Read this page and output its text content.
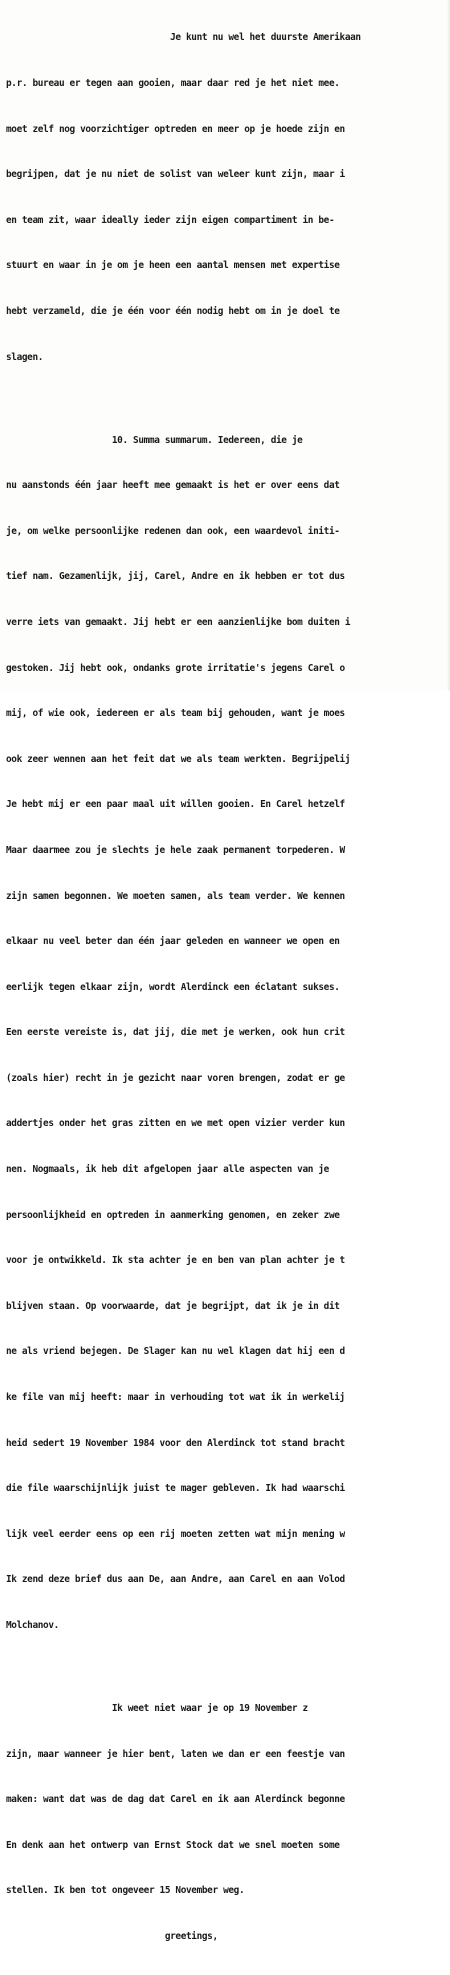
Je kunt nu wel het duurste Amerikaan

p.r. bureau er tegen aan gooien, maar daar red je het niet mee.

moet zelf nog voorzichtiger optreden en meer op je hoede zijn en

begrijpen, dat je nu niet de solist van weleer kunt zijn, maar i

en team zit, waar ideally ieder zijn eigen compartiment in be-

stuurt en waar in je om je heen een aantal mensen met expertise

hebt verzameld, die je één voor één nodig hebt om in je doel te

slagen.

10. Summa summarum. Iedereen, die je

nu aanstonds één jaar heeft mee gemaakt is het er over eens dat

je, om welke persoonlijke redenen dan ook, een waardevol initi-

tief nam. Gezamenlijk, jij, Carel, Andre en ik hebben er tot dus

verre iets van gemaakt. Jij hebt er een aanzienlijke bom duiten i

gestoken. Jij hebt ook, ondanks grote irritatie's jegens Carel o

mij, of wie ook, iedereen er als team bij gehouden, want je moes

ook zeer wennen aan het feit dat we als team werkten. Begrijpelij

Je hebt mij er een paar maal uit willen gooien. En Carel hetzelf

Maar daarmee zou je slechts je hele zaak permanent torpederen. W

zijn samen begonnen. We moeten samen, als team verder. We kennen

elkaar nu veel beter dan één jaar geleden en wanneer we open en

eerlijk tegen elkaar zijn, wordt Alerdinck een éclatant sukses.

Een eerste vereiste is, dat jij, die met je werken, ook hun crit

(zoals hier) recht in je gezicht naar voren brengen, zodat er ge

addertjes onder het gras zitten en we met open vizier verder kun

nen. Nogmaals, ik heb dit afgelopen jaar alle aspecten van je

persoonlijkheid en optreden in aanmerking genomen, en zeker zwe

voor je ontwikkeld. Ik sta achter je en ben van plan achter je t

blijven staan. Op voorwaarde, dat je begrijpt, dat ik je in dit

ne als vriend bejegen. De Slager kan nu wel klagen dat hij een d

ke file van mij heeft: maar in verhouding tot wat ik in werkelij

heid sedert 19 November 1984 voor den Alerdinck tot stand bracht

die file waarschijnlijk juist te mager gebleven. Ik had waarschi

lijk veel eerder eens op een rij moeten zetten wat mijn mening w

Ik zend deze brief dus aan De, aan Andre, aan Carel en aan Volod

Molchanov.

Ik weet niet waar je op 19 November z

zijn, maar wanneer je hier bent, laten we dan er een feestje van

maken: want dat was de dag dat Carel en ik aan Alerdinck begonne

En denk aan het ontwerp van Ernst Stock dat we snel moeten some

stellen. Ik ben tot ongeveer 15 November weg.

greetings,
